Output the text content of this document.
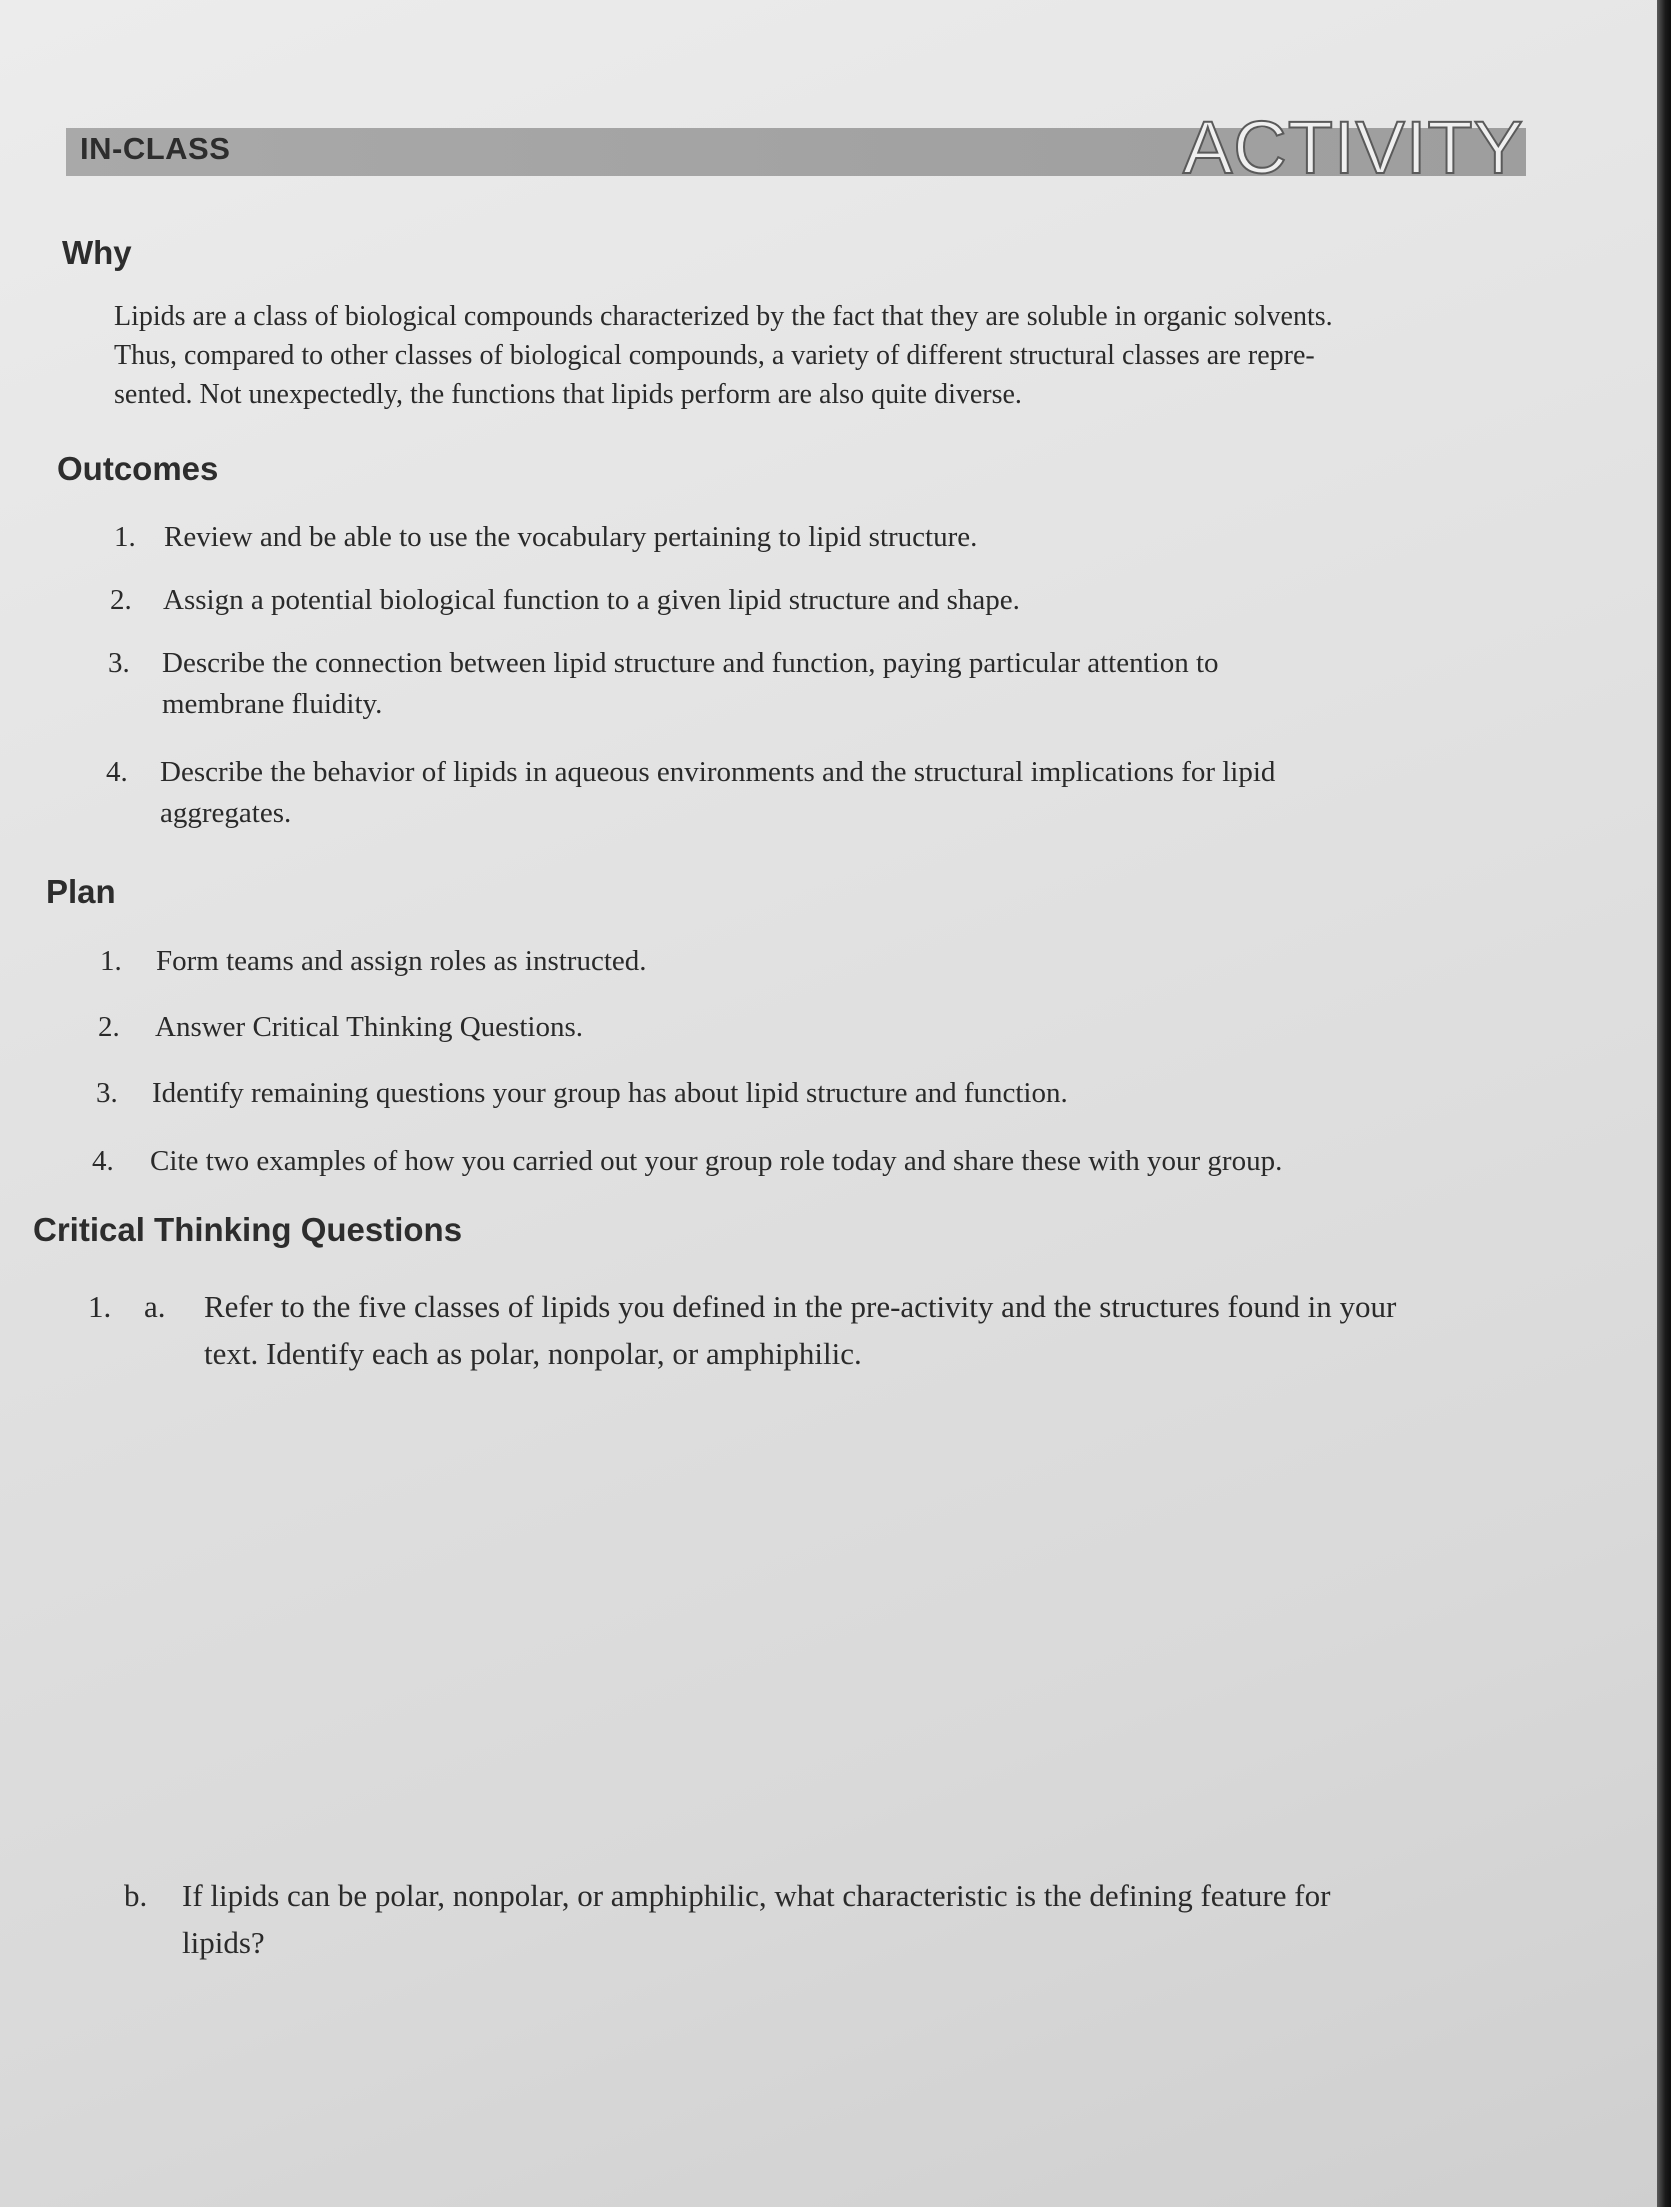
IN-CLASS	ACTIVITY
Why
Lipids are a class of biological compounds characterized by the fact that they are soluble in organic solvents.
Thus, compared to other classes of biological compounds, a variety of different structural classes are repre-
sented. Not unexpectedly, the functions that lipids perform are also quite diverse.
Outcomes
1. Review and be able to use the vocabulary pertaining to lipid structure.
2. Assign a potential biological function to a given lipid structure and shape.
3. Describe the connection between lipid structure and function, paying particular attention to
membrane fluidity.
4. Describe the behavior of lipids in aqueous environments and the structural implications for lipid
aggregates.
Plan
1. Form teams and assign roles as instructed.
2. Answer Critical Thinking Questions.
3. Identify remaining questions your group has about lipid structure and function.
4. Cite two examples of how you carried out your group role today and share these with your group.
Critical Thinking Questions
1. a. Refer to the five classes of lipids you defined in the pre-activity and the structures found in your
text. Identify each as polar, nonpolar, or amphiphilic.
b. If lipids can be polar, nonpolar, or amphiphilic, what characteristic is the defining feature for
lipids?
